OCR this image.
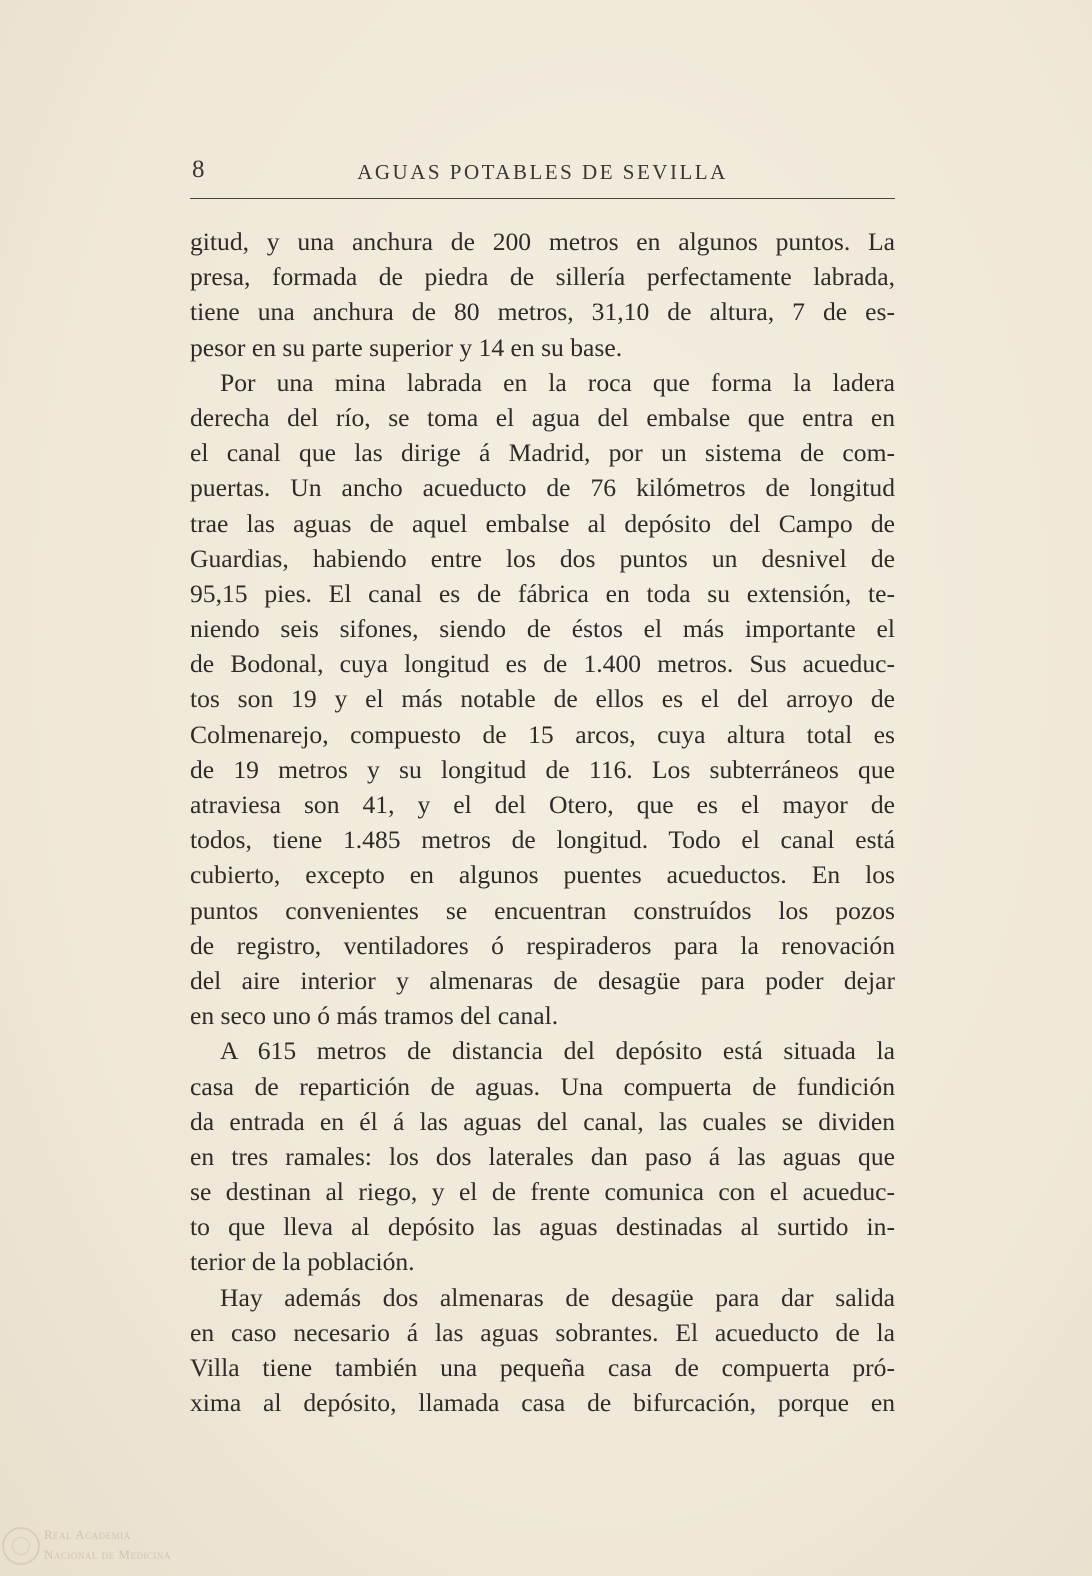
8	AGUAS POTABLES DE SEVILLA
gitud, y una anchura de 200 metros en algunos puntos. La
presa, formada de piedra de sillería perfectamente labrada,
tiene una anchura de 80 metros, 31,10 de altura, 7 de es-
pesor en su parte superior y 14 en su base.
Por una mina labrada en la roca que forma la ladera
derecha del río, se toma el agua del embalse que entra en
el canal que las dirige á Madrid, por un sistema de com-
puertas. Un ancho acueducto de 76 kilómetros de longitud
trae las aguas de aquel embalse al depósito del Campo de
Guardias, habiendo entre los dos puntos un desnivel de
95,15 pies. El canal es de fábrica en toda su extensión, te-
niendo seis sifones, siendo de éstos el más importante el
de Bodonal, cuya longitud es de 1.400 metros. Sus acueduc-
tos son 19 y el más notable de ellos es el del arroyo de
Colmenarejo, compuesto de 15 arcos, cuya altura total es
de 19 metros y su longitud de 116. Los subterráneos que
atraviesa son 41, y el del Otero, que es el mayor de
todos, tiene 1.485 metros de longitud. Todo el canal está
cubierto, excepto en algunos puentes acueductos. En los
puntos convenientes se encuentran construídos los pozos
de registro, ventiladores ó respiraderos para la renovación
del aire interior y almenaras de desagüe para poder dejar
en seco uno ó más tramos del canal.
A 615 metros de distancia del depósito está situada la
casa de repartición de aguas. Una compuerta de fundición
da entrada en él á las aguas del canal, las cuales se dividen
en tres ramales: los dos laterales dan paso á las aguas que
se destinan al riego, y el de frente comunica con el acueduc-
to que lleva al depósito las aguas destinadas al surtido in-
terior de la población.
Hay además dos almenaras de desagüe para dar salida
en caso necesario á las aguas sobrantes. El acueducto de la
Villa tiene también una pequeña casa de compuerta pró-
xima al depósito, llamada casa de bifurcación, porque en
Real Academia
Nacional de Medicina
